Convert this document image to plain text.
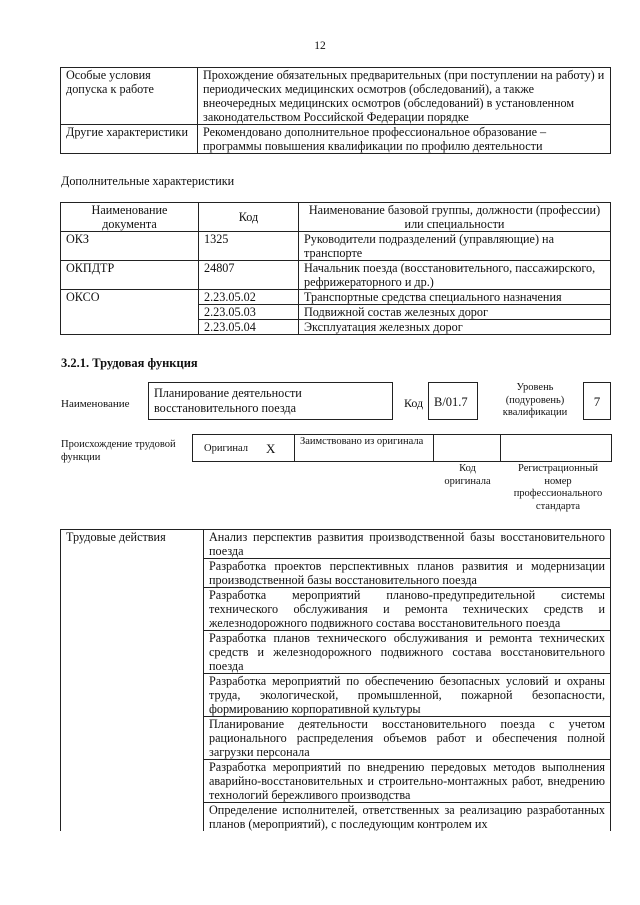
12
Особые условия допуска к работе	Прохождение обязательных предварительных (при поступлении на работу) и периодических медицинских осмотров (обследований), а также внеочередных медицинских осмотров (обследований) в установленном законодательством Российской Федерации порядке
Другие характеристики	Рекомендовано дополнительное профессиональное образование – программы повышения квалификации по профилю деятельности
Дополнительные характеристики
Наименование документа	Код	Наименование базовой группы, должности (профессии) или специальности
ОКЗ	1325	Руководители подразделений (управляющие) на транспорте
ОКПДТР	24807	Начальник поезда (восстановительного, пассажирского, рефрижераторного и др.)
ОКСО	2.23.05.02	Транспортные средства специального назначения
	2.23.05.03	Подвижной состав железных дорог
	2.23.05.04	Эксплуатация железных дорог
3.2.1. Трудовая функция
Наименование
Планирование деятельности восстановительного поезда	Код B/01.7
Уровень (подуровень) квалификации
7
Происхождение трудовой функции
Оригинал X Заимствовано из оригинала
Код оригинала
Регистрационный номер профессионального стандарта
Трудовые действия	Анализ перспектив развития производственной базы восстановительного поезда
Разработка проектов перспективных планов развития и модернизации производственной базы восстановительного поезда
Разработка мероприятий планово-предупредительной системы технического обслуживания и ремонта технических средств и железнодорожного подвижного состава восстановительного поезда
Разработка планов технического обслуживания и ремонта технических средств и железнодорожного подвижного состава восстановительного поезда
Разработка мероприятий по обеспечению безопасных условий и охраны труда, экологической, промышленной, пожарной безопасности, формированию корпоративной культуры
Планирование деятельности восстановительного поезда с учетом рационального распределения объемов работ и обеспечения полной загрузки персонала
Разработка мероприятий по внедрению передовых методов выполнения аварийно-восстановительных и строительно-монтажных работ, внедрению технологий бережливого производства
Определение исполнителей, ответственных за реализацию разработанных планов (мероприятий), с последующим контролем их
